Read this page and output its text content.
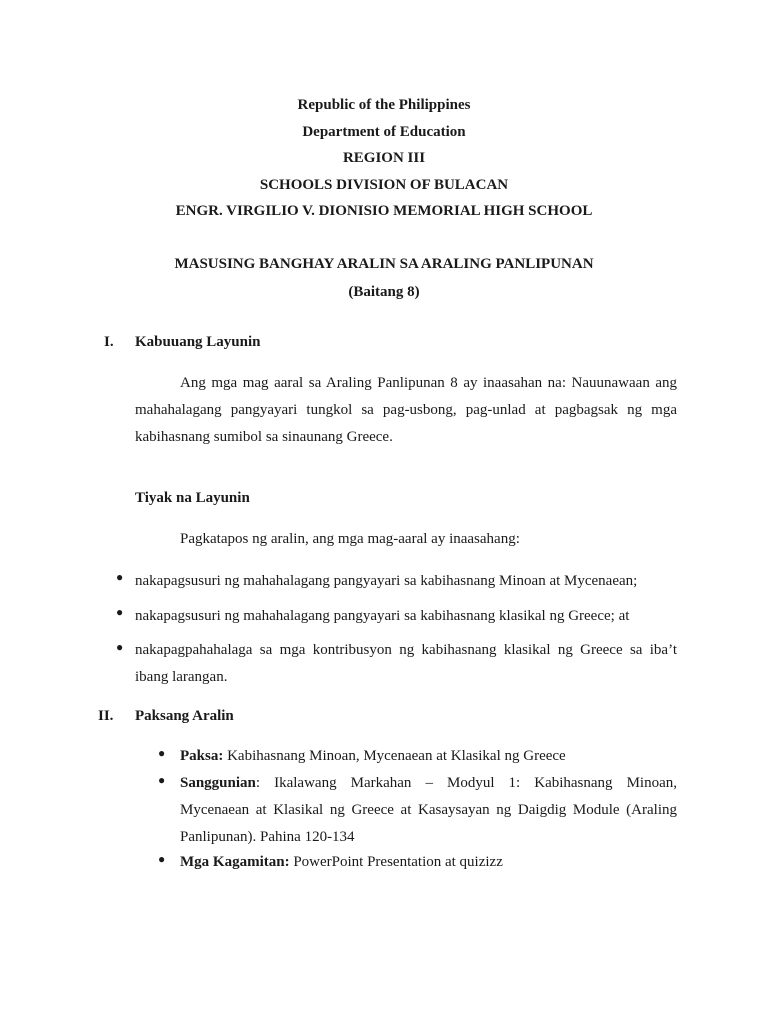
Republic of the Philippines
Department of Education
REGION III
SCHOOLS DIVISION OF BULACAN
ENGR. VIRGILIO V. DIONISIO MEMORIAL HIGH SCHOOL
MASUSING BANGHAY ARALIN SA ARALING PANLIPUNAN
(Baitang 8)
I.	Kabuuang Layunin
Ang mga mag aaral sa Araling Panlipunan 8 ay inaasahan na: Nauunawaan ang mahahalagang pangyayari tungkol sa pag-usbong, pag-unlad at pagbagsak ng mga kabihasnang sumibol sa sinaunang Greece.
Tiyak na Layunin
Pagkatapos ng aralin, ang mga mag-aaral ay inaasahang:
● nakapagsusuri ng mahahalagang pangyayari sa kabihasnang Minoan at Mycenaean;
● nakapagsusuri ng mahahalagang pangyayari sa kabihasnang klasikal ng Greece; at
● nakapagpahahalaga sa mga kontribusyon ng kabihasnang klasikal ng Greece sa iba’t ibang larangan.
II.	Paksang Aralin
● Paksa: Kabihasnang Minoan, Mycenaean at Klasikal ng Greece
● Sanggunian: Ikalawang Markahan – Modyul 1: Kabihasnang Minoan, Mycenaean at Klasikal ng Greece at Kasaysayan ng Daigdig Module (Araling Panlipunan). Pahina 120-134
● Mga Kagamitan: PowerPoint Presentation at quizizz
